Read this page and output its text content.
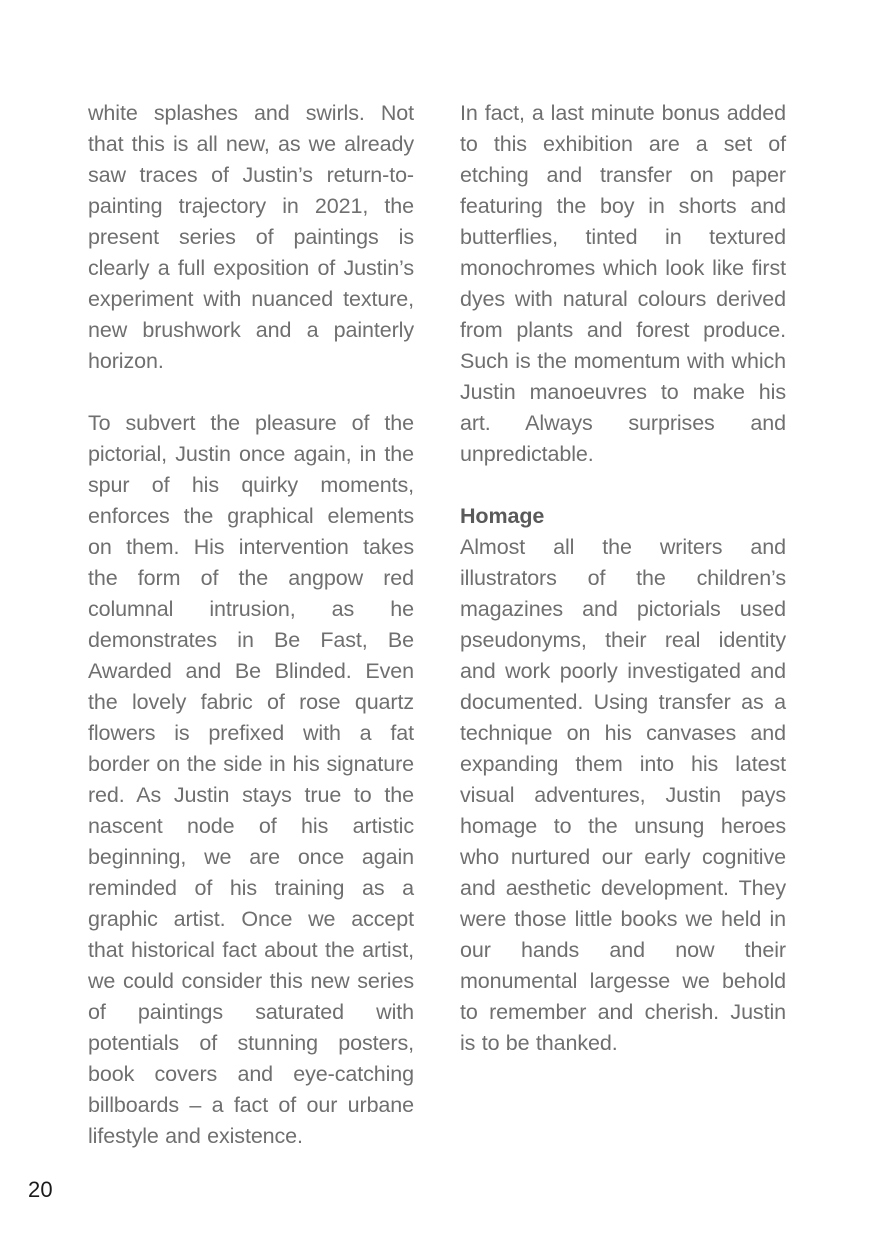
white splashes and swirls. Not that this is all new, as we already saw traces of Justin’s return-to-painting trajectory in 2021, the present series of paintings is clearly a full exposition of Justin’s experiment with nuanced texture, new brushwork and a painterly horizon.

To subvert the pleasure of the pictorial, Justin once again, in the spur of his quirky moments, enforces the graphical elements on them. His intervention takes the form of the angpow red columnal intrusion, as he demonstrates in Be Fast, Be Awarded and Be Blinded. Even the lovely fabric of rose quartz flowers is prefixed with a fat border on the side in his signature red. As Justin stays true to the nascent node of his artistic beginning, we are once again reminded of his training as a graphic artist. Once we accept that historical fact about the artist, we could consider this new series of paintings saturated with potentials of stunning posters, book covers and eye-catching billboards – a fact of our urbane lifestyle and existence.

In fact, a last minute bonus added to this exhibition are a set of etching and transfer on paper featuring the boy in shorts and butterflies, tinted in textured monochromes which look like first dyes with natural colours derived from plants and forest produce. Such is the momentum with which Justin manoeuvres to make his art. Always surprises and unpredictable.

Homage

Almost all the writers and illustrators of the children’s magazines and pictorials used pseudonyms, their real identity and work poorly investigated and documented. Using transfer as a technique on his canvases and expanding them into his latest visual adventures, Justin pays homage to the unsung heroes who nurtured our early cognitive and aesthetic development. They were those little books we held in our hands and now their monumental largesse we behold to remember and cherish. Justin is to be thanked.

20
